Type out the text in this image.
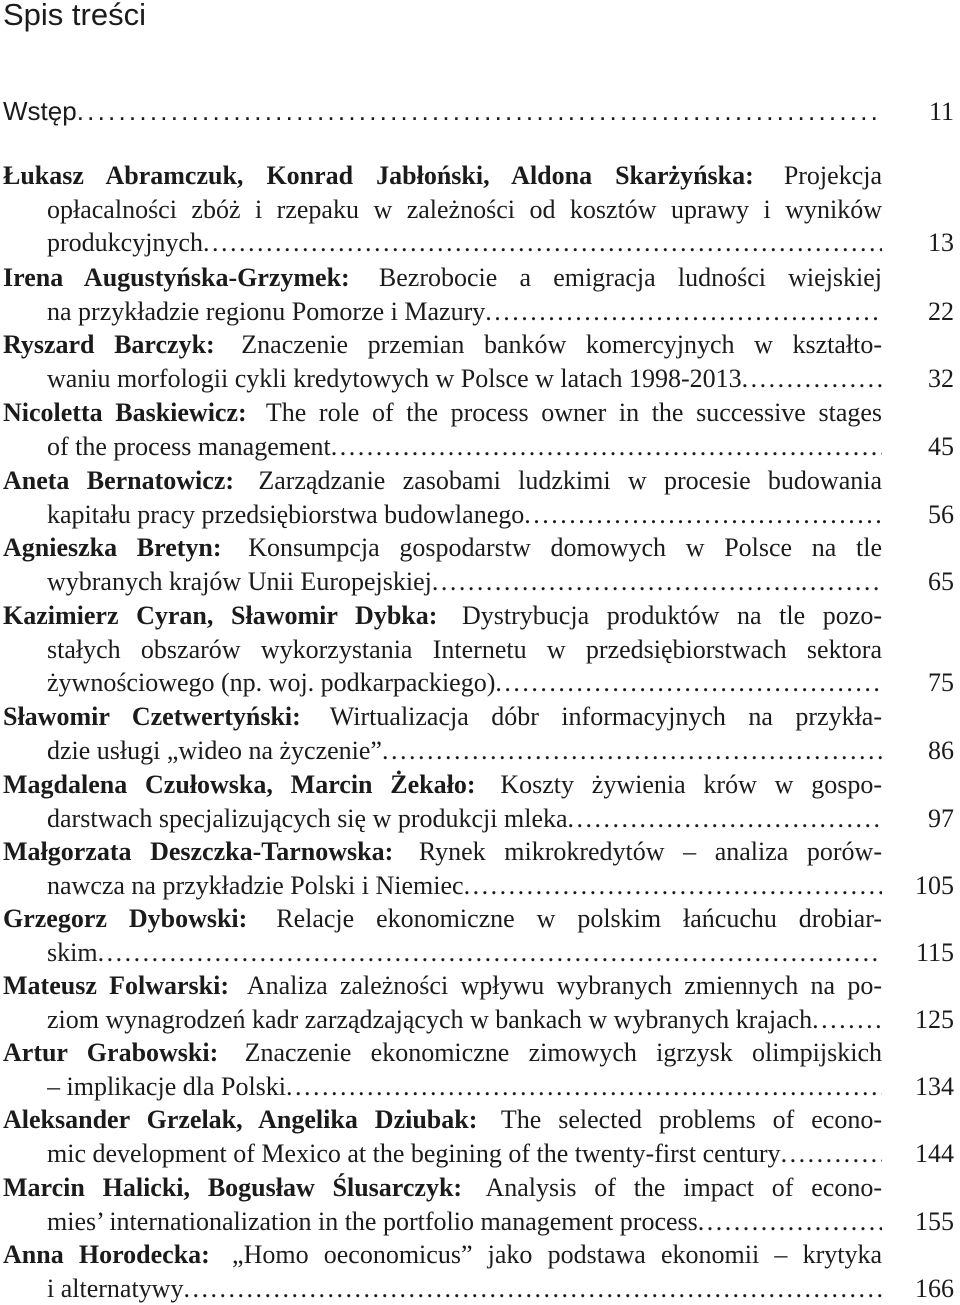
Spis treści
11
Wstęp. . .
Łukasz Abramczuk, Konrad Jabłoński, Aldona Skarżyńska: Projekcja
opłacalności zbóż i rzepaku w zależności od kosztów uprawy i wyników
13
produkcyjnych. . .
Irena Augustyńska-Grzymek: Bezrobocie a emigracja ludności wiejskiej
22
na przykładzie regionu Pomorze i Mazury. . .
Ryszard Barczyk: Znaczenie przemian banków komercyjnych w kształto-
32
waniu morfologii cykli kredytowych w Polsce w latach 1998-2013. . .
Nicoletta Baskiewicz: The role of the process owner in the successive stages
45
of the process management. . .
Aneta Bernatowicz: Zarządzanie zasobami ludzkimi w procesie budowania
56
kapitału pracy przedsiębiorstwa budowlanego. . .
Agnieszka Bretyn: Konsumpcja gospodarstw domowych w Polsce na tle
65
wybranych krajów Unii Europejskiej. . .
Kazimierz Cyran, Sławomir Dybka: Dystrybucja produktów na tle pozo-
stałych obszarów wykorzystania Internetu w przedsiębiorstwach sektora
75
żywnościowego (np. woj. podkarpackiego). . .
Sławomir Czetwertyński: Wirtualizacja dóbr informacyjnych na przykła-
86
dzie usługi „wideo na życzenie”. . .
Magdalena Czułowska, Marcin Żekało: Koszty żywienia krów w gospo-
97
darstwach specjalizujących się w produkcji mleka. . .
Małgorzata Deszczka-Tarnowska: Rynek mikrokredytów – analiza porów-
105
nawcza na przykładzie Polski i Niemiec. . .
Grzegorz Dybowski: Relacje ekonomiczne w polskim łańcuchu drobiar-
115
skim. . .
Mateusz Folwarski: Analiza zależności wpływu wybranych zmiennych na po-
125
ziom wynagrodzeń kadr zarządzających w bankach w wybranych krajach. . .
Artur Grabowski: Znaczenie ekonomiczne zimowych igrzysk olimpijskich
134
– implikacje dla Polski. . .
Aleksander Grzelak, Angelika Dziubak: The selected problems of econo-
144
mic development of Mexico at the begining of the twenty-first century. . .
Marcin Halicki, Bogusław Ślusarczyk: Analysis of the impact of econo-
155
mies’ internationalization in the portfolio management process. . .
Anna Horodecka: „Homo oeconomicus” jako podstawa ekonomii – krytyka
166
i alternatywy. . .
